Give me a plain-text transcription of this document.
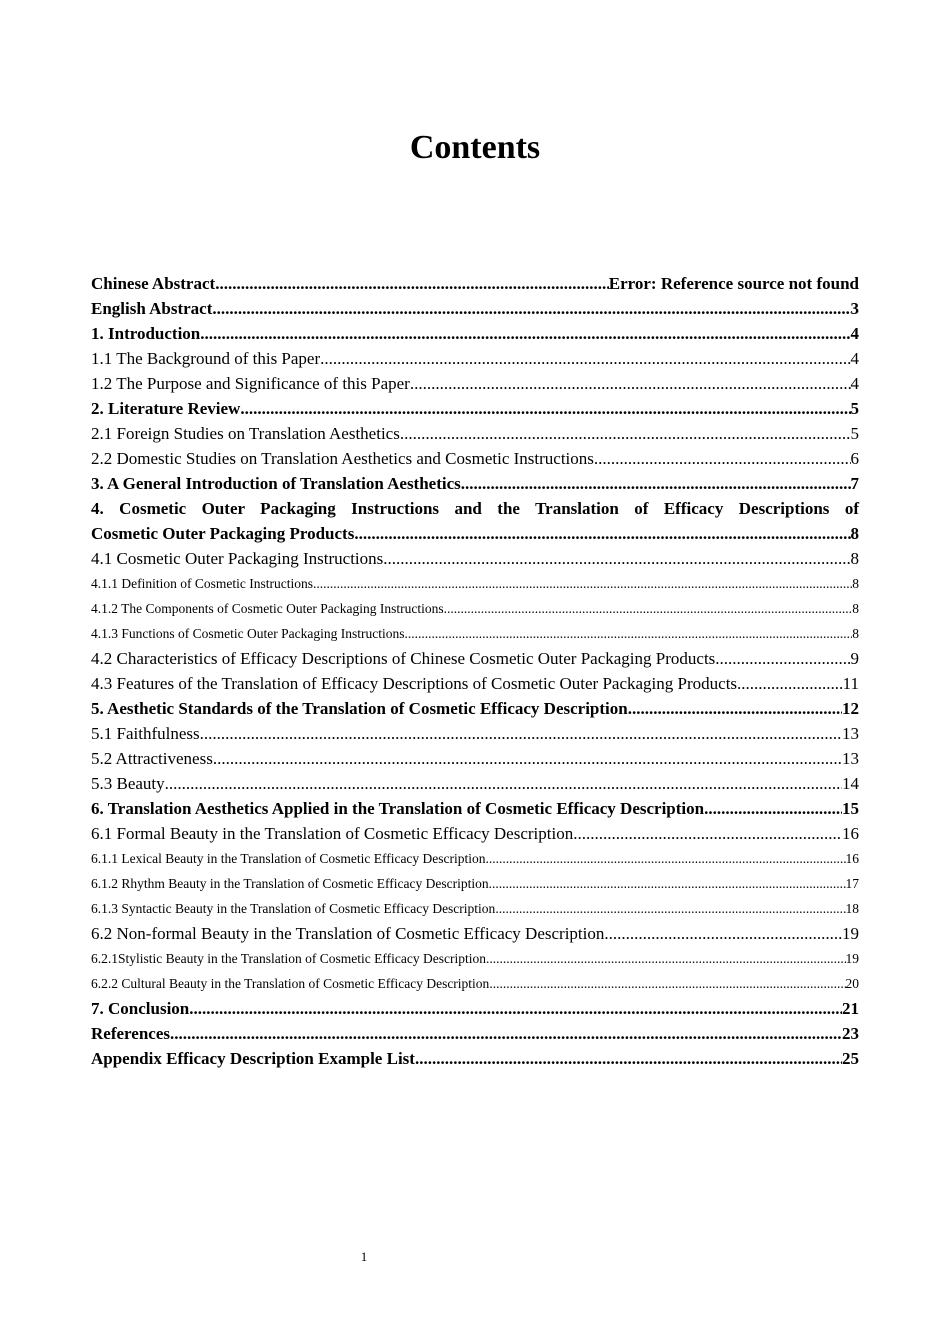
Contents
Chinese Abstract .....	Error: Reference source not found
English Abstract .....	3
1. Introduction .....	4
1.1 The Background of this Paper .....	4
1.2 The Purpose and Significance of this Paper .....	4
2. Literature Review .....	5
2.1 Foreign Studies on Translation Aesthetics .....	5
2.2 Domestic Studies on Translation Aesthetics and Cosmetic Instructions .....	6
3. A General Introduction of Translation Aesthetics .....	7
4. Cosmetic Outer Packaging Instructions and the Translation of Efficacy Descriptions of
Cosmetic Outer Packaging Products .....	8
4.1 Cosmetic Outer Packaging Instructions .....	8
4.1.1 Definition of Cosmetic Instructions .....	8
4.1.2 The Components of Cosmetic Outer Packaging Instructions .....	8
4.1.3 Functions of Cosmetic Outer Packaging Instructions .....	8
4.2 Characteristics of Efficacy Descriptions of Chinese Cosmetic Outer Packaging Products .....	9
4.3 Features of the Translation of Efficacy Descriptions of Cosmetic Outer Packaging Products .....	11
5. Aesthetic Standards of the Translation of Cosmetic Efficacy Description .....	12
5.1 Faithfulness .....	13
5.2 Attractiveness .....	13
5.3 Beauty .....	14
6. Translation Aesthetics Applied in the Translation of Cosmetic Efficacy Description .....	15
6.1 Formal Beauty in the Translation of Cosmetic Efficacy Description .....	16
6.1.1 Lexical Beauty in the Translation of Cosmetic Efficacy Description .....	16
6.1.2 Rhythm Beauty in the Translation of Cosmetic Efficacy Description .....	17
6.1.3 Syntactic Beauty in the Translation of Cosmetic Efficacy Description .....	18
6.2 Non-formal Beauty in the Translation of Cosmetic Efficacy Description .....	19
6.2.1Stylistic Beauty in the Translation of Cosmetic Efficacy Description .....	19
6.2.2 Cultural Beauty in the Translation of Cosmetic Efficacy Description .....	20
7. Conclusion .....	21
References .....	23
Appendix Efficacy Description Example List .....	25
1
